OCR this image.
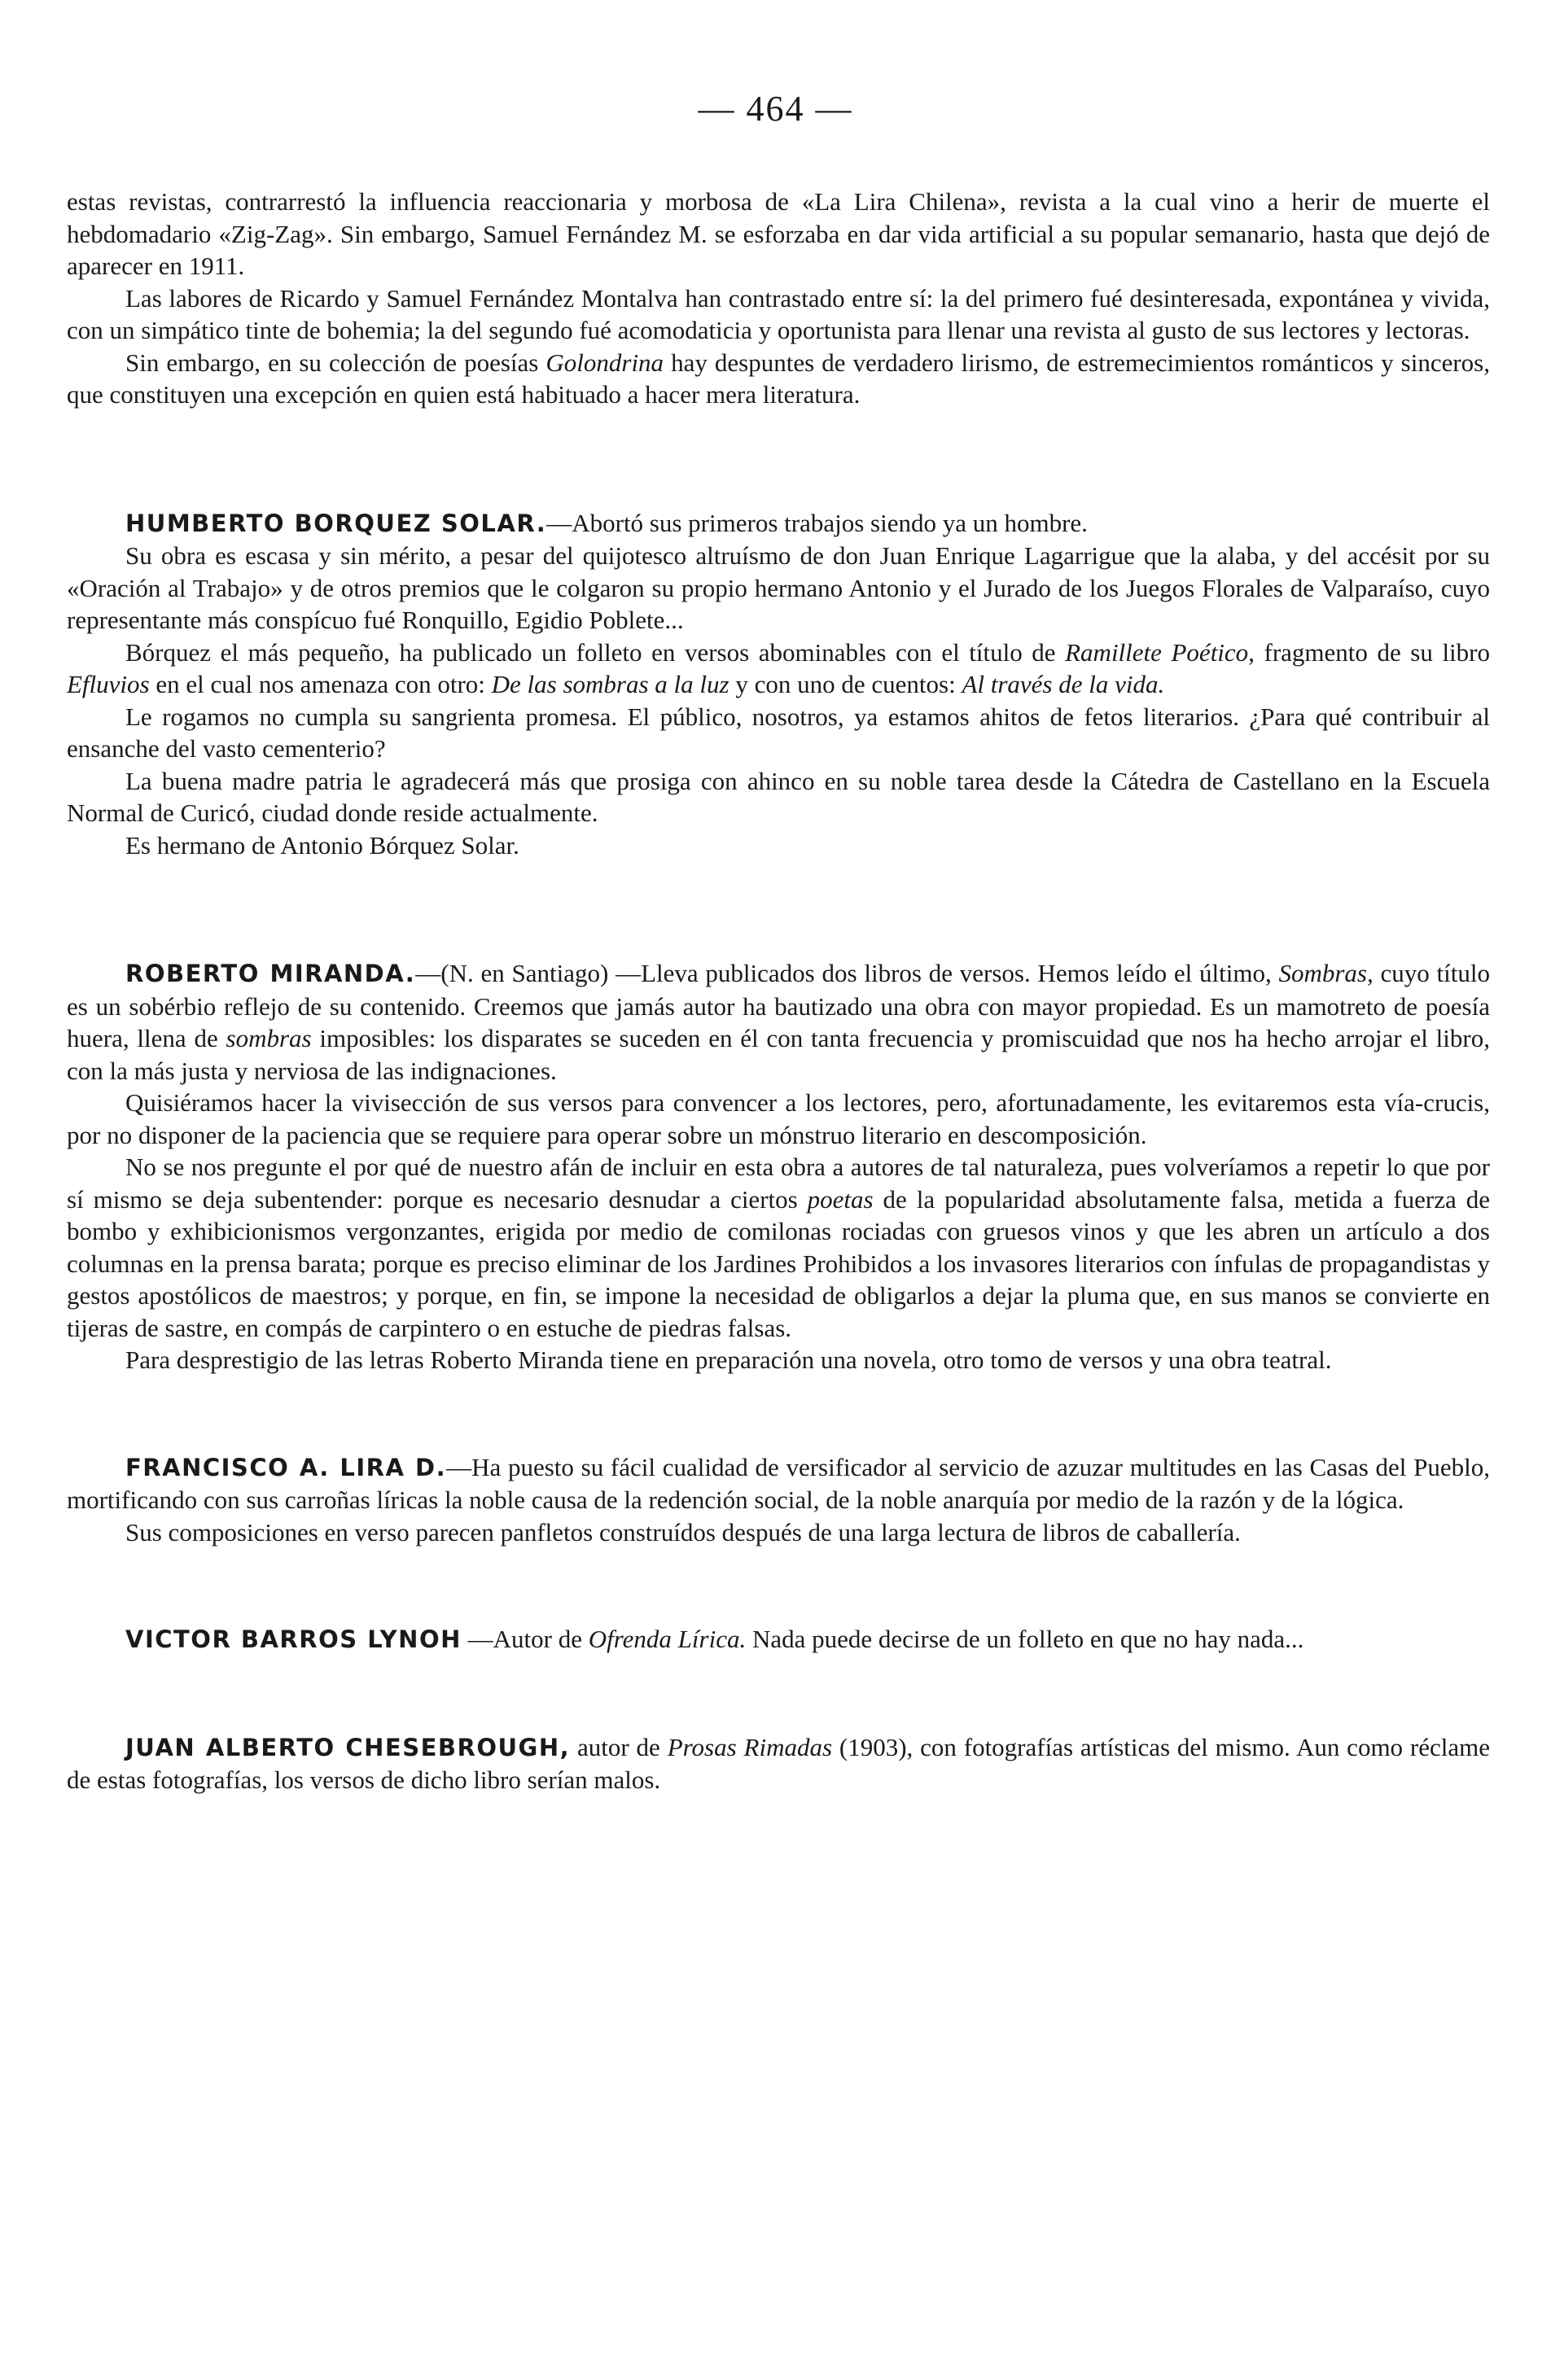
— 464 —

estas revistas, contrarrestó la influencia reaccionaria y morbosa de «La Lira Chilena», revista a la cual vino a herir de muerte el hebdomadario «Zig-Zag». Sin embargo, Samuel Fernández M. se esforzaba en dar vida artificial a su popular semanario, hasta que dejó de aparecer en 1911.

Las labores de Ricardo y Samuel Fernández Montalva han contrastado entre sí: la del primero fué desinteresada, expontánea y vivida, con un simpático tinte de bohemia; la del segundo fué acomodaticia y oportunista para llenar una revista al gusto de sus lectores y lectoras.

Sin embargo, en su colección de poesías Golondrina hay despuntes de verdadero lirismo, de estremecimientos románticos y sinceros, que constituyen una excepción en quien está habituado a hacer mera literatura.

HUMBERTO BORQUEZ SOLAR.—Abortó sus primeros trabajos siendo ya un hombre.

Su obra es escasa y sin mérito, a pesar del quijotesco altruísmo de don Juan Enrique Lagarrigue que la alaba, y del accésit por su «Oración al Trabajo» y de otros premios que le colgaron su propio hermano Antonio y el Jurado de los Juegos Florales de Valparaíso, cuyo representante más conspícuo fué Ronquillo, Egidio Poblete...

Bórquez el más pequeño, ha publicado un folleto en versos abominables con el título de Ramillete Poético, fragmento de su libro Efluvios en el cual nos amenaza con otro: De las sombras a la luz y con uno de cuentos: Al través de la vida.

Le rogamos no cumpla su sangrienta promesa. El público, nosotros, ya estamos ahitos de fetos literarios. ¿Para qué contribuir al ensanche del vasto cementerio?

La buena madre patria le agradecerá más que prosiga con ahinco en su noble tarea desde la Cátedra de Castellano en la Escuela Normal de Curicó, ciudad donde reside actualmente.

Es hermano de Antonio Bórquez Solar.

ROBERTO MIRANDA.—(N. en Santiago) —Lleva publicados dos libros de versos. Hemos leído el último, Sombras, cuyo título es un sobérbio reflejo de su contenido. Creemos que jamás autor ha bautizado una obra con mayor propiedad. Es un mamotreto de poesía huera, llena de sombras imposibles: los disparates se suceden en él con tanta frecuencia y promiscuidad que nos ha hecho arrojar el libro, con la más justa y nerviosa de las indignaciones.

Quisiéramos hacer la vivisección de sus versos para convencer a los lectores, pero, afortunadamente, les evitaremos esta vía-crucis, por no disponer de la paciencia que se requiere para operar sobre un mónstruo literario en descomposición.

No se nos pregunte el por qué de nuestro afán de incluir en esta obra a autores de tal naturaleza, pues volveríamos a repetir lo que por sí mismo se deja subentender: porque es necesario desnudar a ciertos poetas de la popularidad absolutamente falsa, metida a fuerza de bombo y exhibicionismos vergonzantes, erigida por medio de comilonas rociadas con gruesos vinos y que les abren un artículo a dos columnas en la prensa barata; porque es preciso eliminar de los Jardines Prohibidos a los invasores literarios con ínfulas de propagandistas y gestos apostólicos de maestros; y porque, en fin, se impone la necesidad de obligarlos a dejar la pluma que, en sus manos se convierte en tijeras de sastre, en compás de carpintero o en estuche de piedras falsas.

Para desprestigio de las letras Roberto Miranda tiene en preparación una novela, otro tomo de versos y una obra teatral.

FRANCISCO A. LIRA D.—Ha puesto su fácil cualidad de versificador al servicio de azuzar multitudes en las Casas del Pueblo, mortificando con sus carroñas líricas la noble causa de la redención social, de la noble anarquía por medio de la razón y de la lógica.

Sus composiciones en verso parecen panfletos construídos después de una larga lectura de libros de caballería.

VICTOR BARROS LYNOH —Autor de Ofrenda Lírica. Nada puede decirse de un folleto en que no hay nada...

JUAN ALBERTO CHESEBROUGH, autor de Prosas Rimadas (1903), con fotografías artísticas del mismo. Aun como réclame de estas fotografías, los versos de dicho libro serían malos.
